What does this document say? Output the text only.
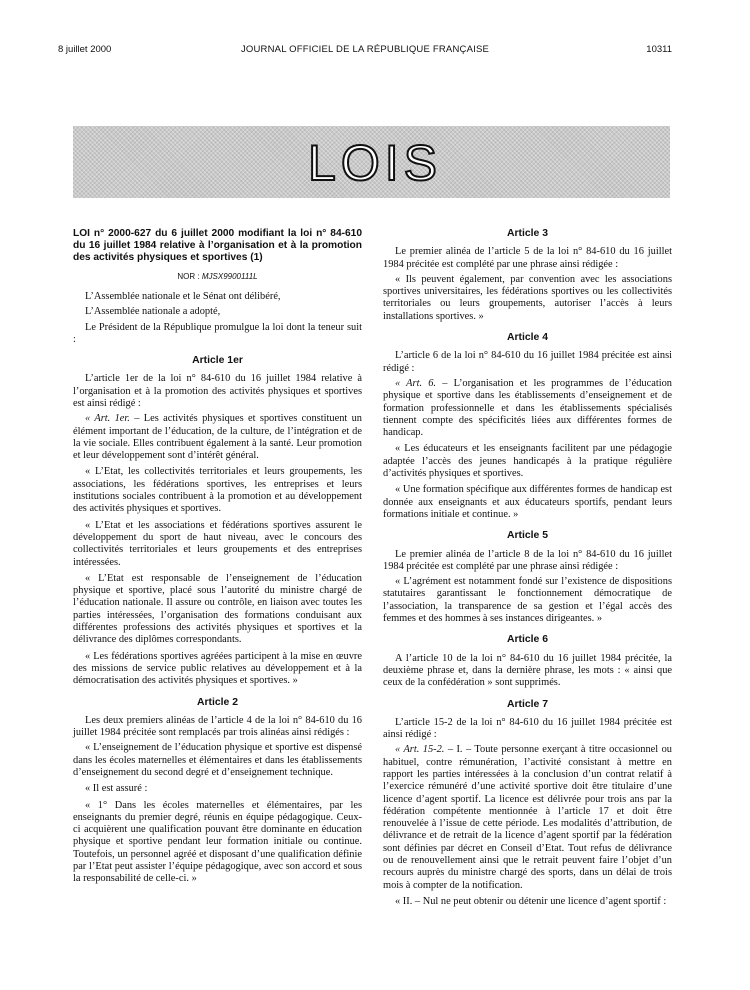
8 juillet 2000	JOURNAL OFFICIEL DE LA RÉPUBLIQUE FRANÇAISE	10311
LOIS
LOI n° 2000-627 du 6 juillet 2000 modifiant la loi n° 84-610 du 16 juillet 1984 relative à l’organisation et à la promotion des activités physiques et sportives (1)
NOR : MJSX9900111L

L’Assemblée nationale et le Sénat ont délibéré,

L’Assemblée nationale a adopté,

Le Président de la République promulgue la loi dont la teneur suit :

Article 1er

L’article 1er de la loi n° 84-610 du 16 juillet 1984 relative à l’organisation et à la promotion des activités physiques et sportives est ainsi rédigé :

« Art. 1er. – Les activités physiques et sportives constituent un élément important de l’éducation, de la culture, de l’intégration et de la vie sociale. Elles contribuent également à la santé. Leur promotion et leur développement sont d’intérêt général.

« L’Etat, les collectivités territoriales et leurs groupements, les associations, les fédérations sportives, les entreprises et leurs institutions sociales contribuent à la promotion et au développement des activités physiques et sportives.

« L’Etat et les associations et fédérations sportives assurent le développement du sport de haut niveau, avec le concours des collectivités territoriales et leurs groupements et des entreprises intéressées.

« L’Etat est responsable de l’enseignement de l’éducation physique et sportive, placé sous l’autorité du ministre chargé de l’éducation nationale. Il assure ou contrôle, en liaison avec toutes les parties intéressées, l’organisation des formations conduisant aux différentes professions des activités physiques et sportives et la délivrance des diplômes correspondants.

« Les fédérations sportives agréées participent à la mise en œuvre des missions de service public relatives au développement et à la démocratisation des activités physiques et sportives. »

Article 2

Les deux premiers alinéas de l’article 4 de la loi n° 84-610 du 16 juillet 1984 précitée sont remplacés par trois alinéas ainsi rédigés :

« L’enseignement de l’éducation physique et sportive est dispensé dans les écoles maternelles et élémentaires et dans les établissements d’enseignement du second degré et d’enseignement technique.

« Il est assuré :

« 1° Dans les écoles maternelles et élémentaires, par les enseignants du premier degré, réunis en équipe pédagogique. Ceux-ci acquièrent une qualification pouvant être dominante en éducation physique et sportive pendant leur formation initiale ou continue. Toutefois, un personnel agréé et disposant d’une qualification définie par l’Etat peut assister l’équipe pédagogique, avec son accord et sous la responsabilité de celle-ci. »

Article 3

Le premier alinéa de l’article 5 de la loi n° 84-610 du 16 juillet 1984 précitée est complété par une phrase ainsi rédigée :

« Ils peuvent également, par convention avec les associations sportives universitaires, les fédérations sportives ou les collectivités territoriales ou leurs groupements, autoriser l’accès à leurs installations sportives. »

Article 4

L’article 6 de la loi n° 84-610 du 16 juillet 1984 précitée est ainsi rédigé :

« Art. 6. – L’organisation et les programmes de l’éducation physique et sportive dans les établissements d’enseignement et de formation professionnelle et dans les établissements spécialisés tiennent compte des spécificités liées aux différentes formes de handicap.

« Les éducateurs et les enseignants facilitent par une pédagogie adaptée l’accès des jeunes handicapés à la pratique régulière d’activités physiques et sportives.

« Une formation spécifique aux différentes formes de handicap est donnée aux enseignants et aux éducateurs sportifs, pendant leurs formations initiale et continue. »

Article 5

Le premier alinéa de l’article 8 de la loi n° 84-610 du 16 juillet 1984 précitée est complété par une phrase ainsi rédigée :

« L’agrément est notamment fondé sur l’existence de dispositions statutaires garantissant le fonctionnement démocratique de l’association, la transparence de sa gestion et l’égal accès des femmes et des hommes à ses instances dirigeantes. »

Article 6

A l’article 10 de la loi n° 84-610 du 16 juillet 1984 précitée, la deuxième phrase et, dans la dernière phrase, les mots : « ainsi que ceux de la confédération » sont supprimés.

Article 7

L’article 15-2 de la loi n° 84-610 du 16 juillet 1984 précitée est ainsi rédigé :

« Art. 15-2. – I. – Toute personne exerçant à titre occasionnel ou habituel, contre rémunération, l’activité consistant à mettre en rapport les parties intéressées à la conclusion d’un contrat relatif à l’exercice rémunéré d’une activité sportive doit être titulaire d’une licence d’agent sportif. La licence est délivrée pour trois ans par la fédération compétente mentionnée à l’article 17 et doit être renouvelée à l’issue de cette période. Les modalités d’attribution, de délivrance et de retrait de la licence d’agent sportif par la fédération sont définies par décret en Conseil d’Etat. Tout refus de délivrance ou de renouvellement ainsi que le retrait peuvent faire l’objet d’un recours auprès du ministre chargé des sports, dans un délai de trois mois à compter de la notification.

« II. – Nul ne peut obtenir ou détenir une licence d’agent sportif :
